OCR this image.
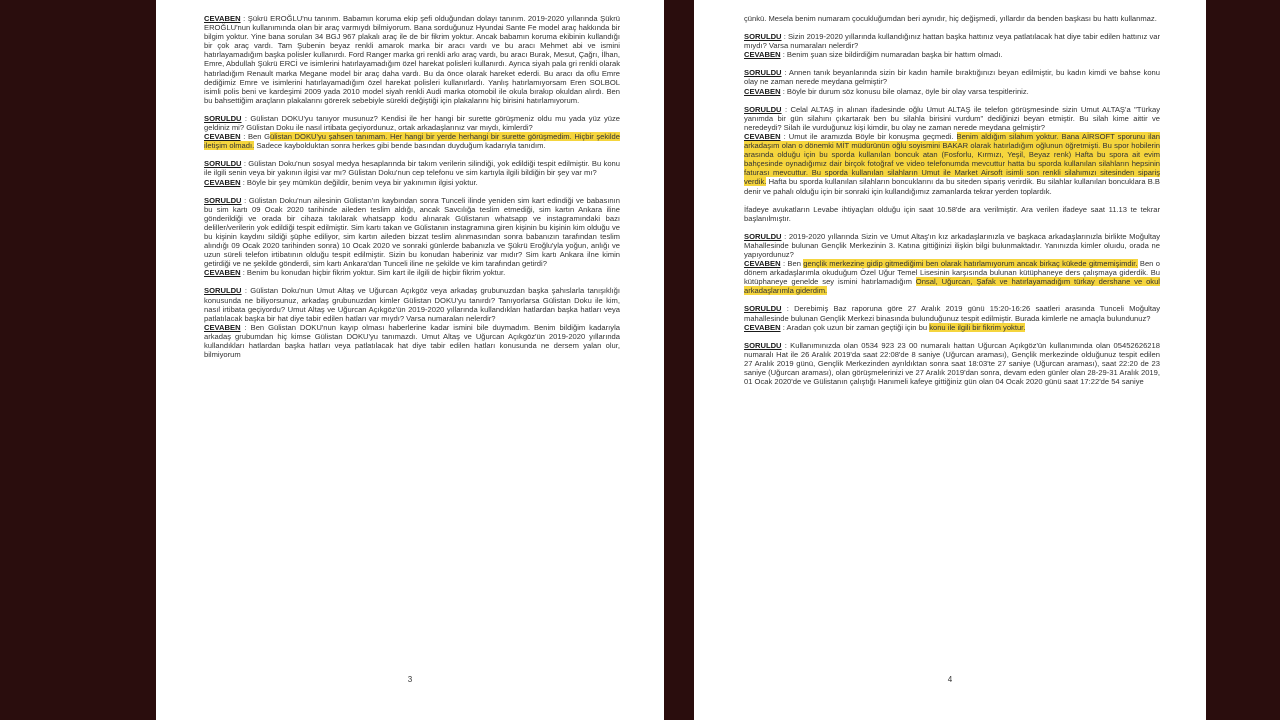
CEVABEN : Şükrü EROĞLU'nu tanırım. Babamın koruma ekip şefi olduğundan dolayı tanırım. 2019-2020 yıllarında Şükrü EROĞLU'nun kullanımında olan bir araç varmıydı bilmiyorum. Bana sorduğunuz Hyundai Sante Fe model araç hakkında bir bilgim yoktur. Yine bana sorulan 34 BGJ 967 plakalı araç ile de bir fikrim yoktur. Ancak babamın koruma ekibinin kullandığı bir çok araç vardı. Tam Şubenin beyaz renkli amarok marka bir aracı vardı ve bu aracı Mehmet abi ve ismini hatırlayamadığım başka polisler kullanırdı. Ford Ranger marka gri renkli arkı araç vardı, bu aracı Burak, Mesut, Çağrı, İlhan, Emre, Abdullah Şükrü ERCİ ve isimlerini hatırlayamadığım özel harekat polisleri kullanırdı. Ayrıca siyah pala gri renkli olarak hatırladığım Renault marka Megane model bir araç daha vardı. Bu da önce olarak hareket ederdi. Bu aracı da oflu Emre dediğimiz Emre ve isimlerini hatırlayamadığım özel harekat polisleri kullanırlardı. Yanlış hatırlamıyorsam Eren SOLBOL isimli polis beni ve kardeşimi 2009 yada 2010 model siyah renkli Audi marka otomobil ile okula bırakıp okuldan alırdı. Ben bu bahsettiğim araçların plakalarını görerek sebebiyle sürekli değiştiği için plakalarını hiç birisini hatırlamıyorum.

SORULDU : Gülistan DOKU'yu tanıyor musunuz? Kendisi ile her hangi bir surette görüşmeniz oldu mu yada yüz yüze geldiniz mi? Gülistan Doku ile nasıl irtibata geçiyordunuz, ortak arkadaşlarınız var mıydı, kimlerdi?

CEVABEN : Ben Gülistan DOKU'yu şahsen tanımam. Her hangi bir yerde herhangi bir surette görüşmedim. Hiçbir şekilde iletişim olmadı. Sadece kaybolduktan sonra herkes gibi bende basından duyduğum kadarıyla tanıdım.

SORULDU : Gülistan Doku'nun sosyal medya hesaplarında bir takım verilerin silindiği, yok edildiği tespit edilmiştir. Bu konu ile ilgili senin veya bir yakının ilgisi var mı? Gülistan Doku'nun cep telefonu ve sim kartıyla ilgili bildiğin bir şey var mı?

CEVABEN : Böyle bir şey mümkün değildir, benim veya bir yakınımın ilgisi yoktur.

SORULDU : Gülistan Doku'nun ailesinin Gülistan'ın kaybından sonra Tunceli ilinde yeniden sim kart edindiği ve babasının bu sim kartı 09 Ocak 2020 tarihinde aileden teslim aldığı, ancak Savcılığa teslim etmediği, sim kartın Ankara iline gönderildiği ve orada bir cihaza takılarak whatsapp kodu alınarak Gülistanın whatsapp ve instagramındaki bazı deliller/verilerin yok edildiği tespit edilmiştir. Sim kartı takan ve Gülistanın instagramına giren kişinin bu kişinin kim olduğu ve bu kişinin kaydını sildiği şüphe ediliyor, sim kartın aileden bizzat teslim alınmasından sonra babanızın tarafından teslim alındığı 09 Ocak 2020 tarihinden sonra) 10 Ocak 2020 ve sonraki günlerde babanızla ve Şükrü Eroğlu'yla yoğun, anlığı ve uzun süreli telefon irtibatının olduğu tespit edilmiştir. Sizin bu konudan haberiniz var mıdır? Sim kartı Ankara ilne kimin getirdiği ve ne şekilde gönderdi, sim kartı Ankara'dan Tunceli iline ne şekilde ve kim tarafından getirdi?

CEVABEN : Benim bu konudan hiçbir fikrim yoktur. Sim kart ile ilgili de hiçbir fikrim yoktur.

SORULDU : Gülistan Doku'nun Umut Altaş ve Uğurcan Açıkgöz veya arkadaş grubunuzdan başka şahıslarla tanışıklığı konusunda ne biliyorsunuz, arkadaş grubunuzdan kimler Gülistan DOKU'yu tanırdı? Tanıyorlarsa Gülistan Doku ile kim, nasıl irtibata geçiyordu? Umut Altaş ve Uğurcan Açıkgöz'ün 2019-2020 yıllarında kullandıkları hatlardan başka hatları veya patlatılacak başka bir hat diye tabir edilen hatları var mıydı? Varsa numaraları nelerdir?

CEVABEN : Ben Gülistan DOKU'nun kayıp olması haberlerine kadar ismini bile duymadım. Benim bildiğim kadarıyla arkadaş grubumdan hiç kimse Gülistan DOKU'yu tanımazdı. Umut Altaş ve Uğurcan Açıkgöz'ün 2019-2020 yıllarında kullandıkları hatlardan başka hatları veya patlatılacak hat diye tabir edilen hatları konusunda ne dersem yalan olur, bilmiyorum

3

çünkü. Mesela benim numaram çocukluğumdan beri aynıdır, hiç değişmedi, yıllardır da benden başkası bu hattı kullanmaz.

SORULDU : Sizin 2019-2020 yıllarında kullandığınız hattan başka hattınız veya patlatılacak hat diye tabir edilen hattınız var mıydı? Varsa numaraları nelerdir?

CEVABEN : Benim şuan size bildirdiğim numaradan başka bir hattım olmadı.

SORULDU : Annen tanık beyanlarında sizin bir kadın hamile bıraktığınızı beyan edilmiştir, bu kadın kimdi ve bahse konu olay ne zaman nerede meydana gelmiştir?

CEVABEN : Böyle bir durum söz konusu bile olamaz, öyle bir olay varsa tespitleriniz.

SORULDU : Celal ALTAŞ in alınan ifadesinde oğlu Umut ALTAŞ ile telefon görüşmesinde sizin Umut ALTAŞ'a "Türkay yanımda bir gün silahını çıkartarak ben bu silahla birisini vurdum" dediğinizi beyan etmiştir. Bu silah kime aittir ve neredeydi? Silah ile vurduğunuz kişi kimdir, bu olay ne zaman nerede meydana gelmiştir?

CEVABEN : Umut ile aramızda Böyle bir konuşma geçmedi. Benim aldığım silahım yoktur. Bana AİRSOFT sporunu ilan arkadaşım olan o dönemki MİT müdürünün oğlu soyismini BAKAR olarak hatırladığım oğlunun öğretmişti. Bu spor hobilerin arasında olduğu için bu sporda kullanılan boncuk atan (Fosforlu, Kırmızı, Yeşil, Beyaz renk) Hafta bu spora ait evim bahçesinde oynadığımız dair birçok fotoğraf ve video telefonumda mevcuttur hatta bu sporda kullanılan silahların hepsinin faturası mevcuttur. Bu sporda kullanılan silahların Umut ile Market Airsoft isimli son renkli silahımızı sitesinden sipariş verdik. Hafta bu sporda kullanılan silahların boncuklarını da bu siteden sipariş verirdik. Bu silahlar kullanılan boncuklara B.B denir ve pahalı olduğu için bir sonraki için kullandığımız zamanlarda tekrar yerden toplardık.

İfadeye avukatların Levabe ihtiyaçları olduğu için saat 10.58'de ara verilmiştir. Ara verilen ifadeye saat 11.13 te tekrar başlanılmıştır.

SORULDU : 2019-2020 yıllarında Sizin ve Umut Altaş'ın kız arkadaşlarınızla ve başkaca arkadaşlarınızla birlikte Moğultay Mahallesinde bulunan Gençlik Merkezinin 3. Katına gittiğinizi ilişkin bilgi bulunmaktadır. Yanınızda kimler oluıdu, orada ne yapıyordunuz?

CEVABEN : Ben gençlik merkezine gidip gitmediğimi ben olarak hatırlamıyorum ancak birkaç kükede gitmemişimdir. Ben o dönem arkadaşlarımla okuduğum Özel Uğur Temel Lisesinin karşısında bulunan kütüphaneye ders çalışmaya giderdik. Bu kütüphaneye genelde sey ismini hatırlamadığım Onsal, Uğurcan, Şafak ve hatırlayamadığım türkay dershane ve okul arkadaşlarımla giderdim.

SORULDU : Derebimiş Baz raporuna göre 27 Aralık 2019 günü 15:20-16:26 saatleri arasında Tunceli Moğultay mahallesinde bulunan Gençlik Merkezi binasında bulunduğunuz tespit edilmiştir. Burada kimlerle ne amaçla bulundunuz?

CEVABEN : Aradan çok uzun bir zaman geçtiği için bu konu ile ilgili bir fikrim yoktur.

SORULDU : Kullanımınızda olan 0534 923 23 00 numaralı hattan Uğurcan Açıkgöz'ün kullanımında olan 05452626218 numaralı Hat ile 26 Aralık 2019'da saat 22:08'de 8 saniye (Uğurcan araması), Gençlik merkezinde olduğunuz tespit edilen 27 Aralık 2019 günü, Gençlik Merkezinden ayrıldıktan sonra saat 18:03'te 27 saniye (Uğurcan araması), saat 22:20 de 23 saniye (Uğurcan araması), olan görüşmelerinizi ve 27 Aralık 2019'dan sonra, devam eden günler olan 28-29-31 Aralık 2019, 01 Ocak 2020'de ve Gülistanın çalıştığı Hanımeli kafeye gittiğiniz gün olan 04 Ocak 2020 günü saat 17:22'de 54 saniye

4
